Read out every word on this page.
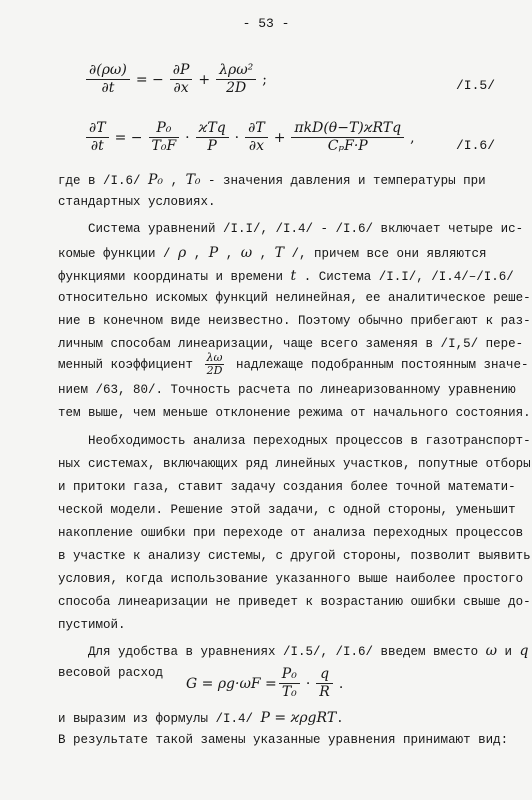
- 53 -
$\frac{\partial(\rho\omega)}{\partial t}$ = − $\frac{\partial P}{\partial x} + \frac{\text{λρω²}}{2D}$ ;	/I.5/
$\frac{\partial T}{\partial t}$ = − $\frac{\text{P₀}}{\text{T₀F}} \cdot \frac{\text{ϰTq}}{P} \cdot \frac{\partial T}{\partial x} + \frac{\text{πkD(θ−T)ϰRTq}}{\text{CₚF·P}}$ ,	/I.6/
где в /I.6/ P₀ , T₀ - значения давления и температуры при
стандартных условиях.
Система уравнений /I.I/, /I.4/ - /I.6/ включает четыре ис-
комые функции / ρ , P , ω , T /, причем все они являются
функциями координаты и времени t . Система /I.I/, /I.4/–/I.6/
относительно искомых функций нелинейная, ее аналитическое реше-
ние в конечном виде неизвестно. Поэтому обычно прибегают к раз-
личным способам линеаризации, чаще всего заменяя в /I,5/ пере-
менный коэффициент $\frac{\lambda\omega}{2D}$ надлежаще подобранным постоянным значе-
нием /63, 80/. Точность расчета по линеаризованному уравнению
тем выше, чем меньше отклонение режима от начального состояния.
Необходимость анализа переходных процессов в газотранспорт-
ных системах, включающих ряд линейных участков, попутные отборы
и притоки газа, ставит задачу создания более точной математи-
ческой модели. Решение этой задачи, с одной стороны, уменьшит
накопление ошибки при переходе от анализа переходных процессов
в участке к анализу системы, с другой стороны, позволит выявить
условия, когда использование указанного выше наиболее простого
способа линеаризации не приведет к возрастанию ошибки свыше до-
пустимой.
Для удобства в уравнениях /I.5/, /I.6/ введем вместо ω и q
весовой расход
$G = \rho g\cdot\omega F = \frac{\text{P₀}}{\text{T₀}} \cdot \frac{q}{R}$ .
и выразим из формулы /I.4/ P = ϰρgRT.
В результате такой замены указанные уравнения принимают вид:
